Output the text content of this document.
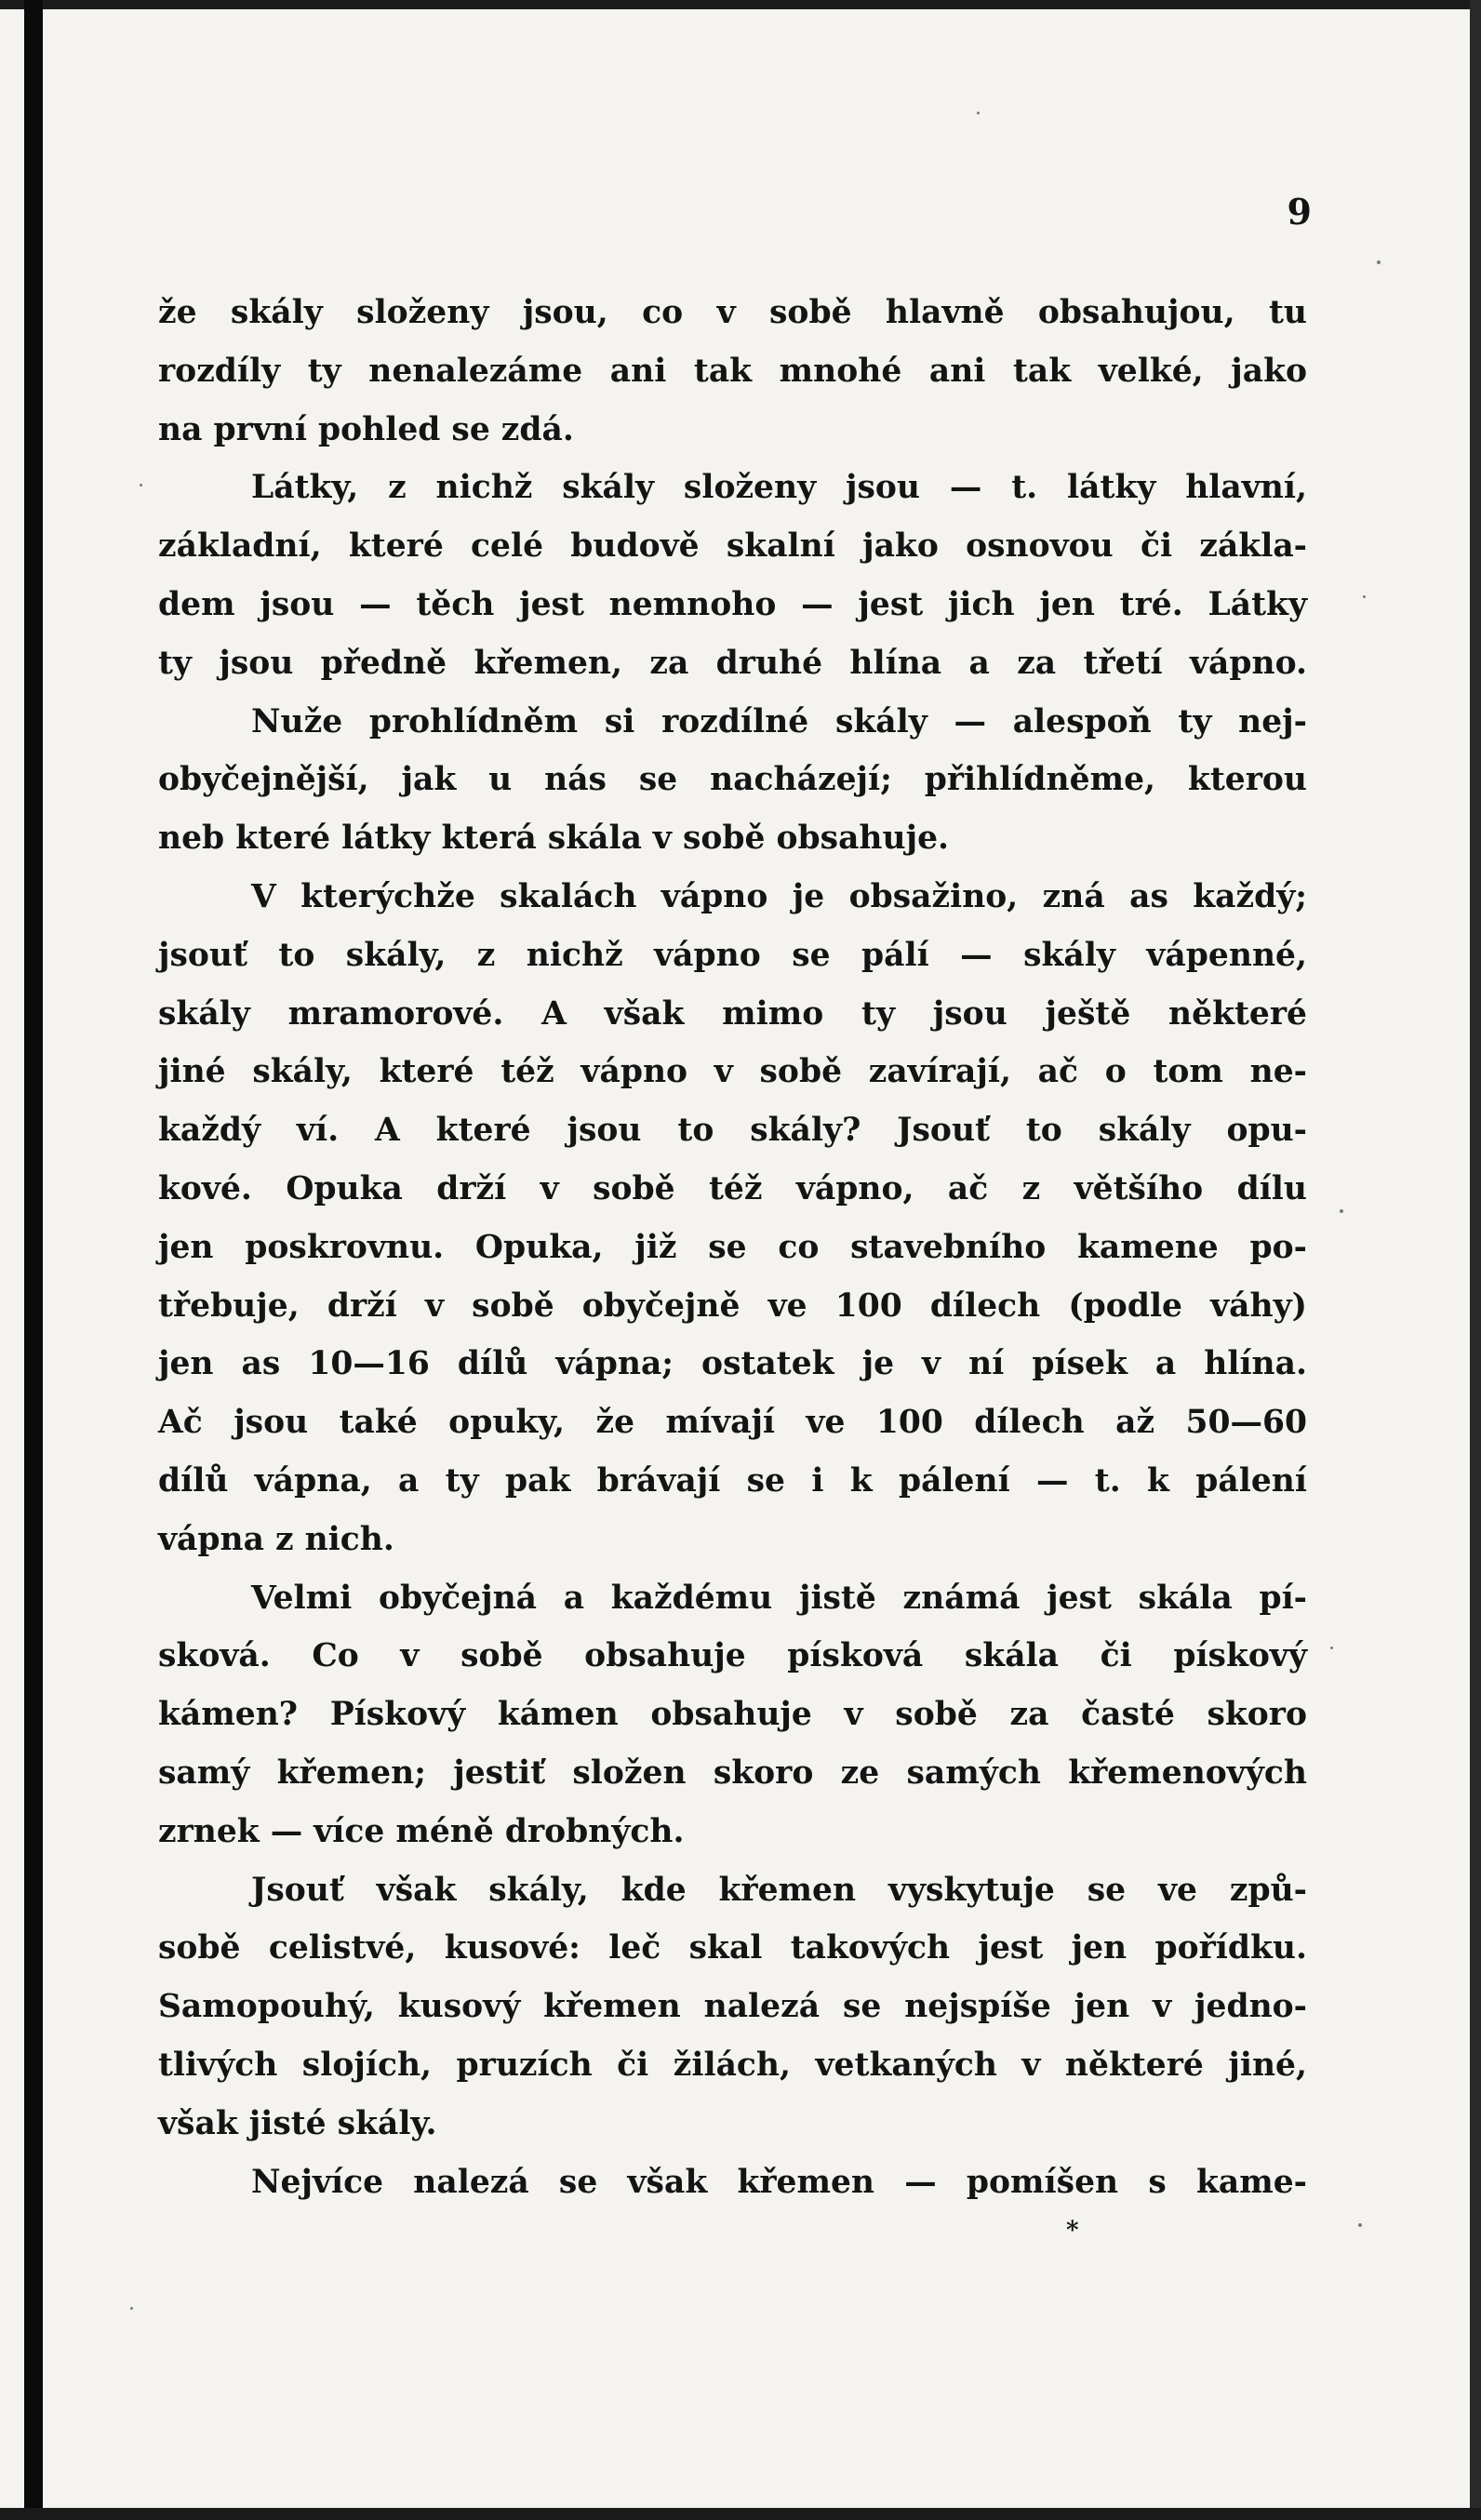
9
že skály složeny jsou, co v sobě hlavně obsahujou, tu
rozdíly ty nenalezáme ani tak mnohé ani tak velké, jako
na první pohled se zdá.
Látky, z nichž skály složeny jsou — t. látky hlavní,
základní, které celé budově skalní jako osnovou či zákla-
dem jsou — těch jest nemnoho — jest jich jen tré. Látky
ty jsou předně křemen, za druhé hlína a za třetí vápno.
Nuže prohlídněm si rozdílné skály — alespoň ty nej-
obyčejnější, jak u nás se nacházejí; přihlídněme, kterou
neb které látky která skála v sobě obsahuje.
V kterýchže skalách vápno je obsažino, zná as každý;
jsouť to skály, z nichž vápno se pálí — skály vápenné,
skály mramorové. A však mimo ty jsou ještě některé
jiné skály, které též vápno v sobě zavírají, ač o tom ne-
každý ví. A které jsou to skály? Jsouť to skály opu-
kové. Opuka drží v sobě též vápno, ač z většího dílu
jen poskrovnu. Opuka, již se co stavebního kamene po-
třebuje, drží v sobě obyčejně ve 100 dílech (podle váhy)
jen as 10—16 dílů vápna; ostatek je v ní písek a hlína.
Ač jsou také opuky, že mívají ve 100 dílech až 50—60
dílů vápna, a ty pak brávají se i k pálení — t. k pálení
vápna z nich.
Velmi obyčejná a každému jistě známá jest skála pí-
sková. Co v sobě obsahuje písková skála či pískový
kámen? Pískový kámen obsahuje v sobě za časté skoro
samý křemen; jestiť složen skoro ze samých křemenových
zrnek — více méně drobných.
Jsouť však skály, kde křemen vyskytuje se ve způ-
sobě celistvé, kusové: leč skal takových jest jen pořídku.
Samopouhý, kusový křemen nalezá se nejspíše jen v jedno-
tlivých slojích, pruzích či žilách, vetkaných v některé jiné,
však jisté skály.
Nejvíce nalezá se však křemen — pomíšen s kame-
*
